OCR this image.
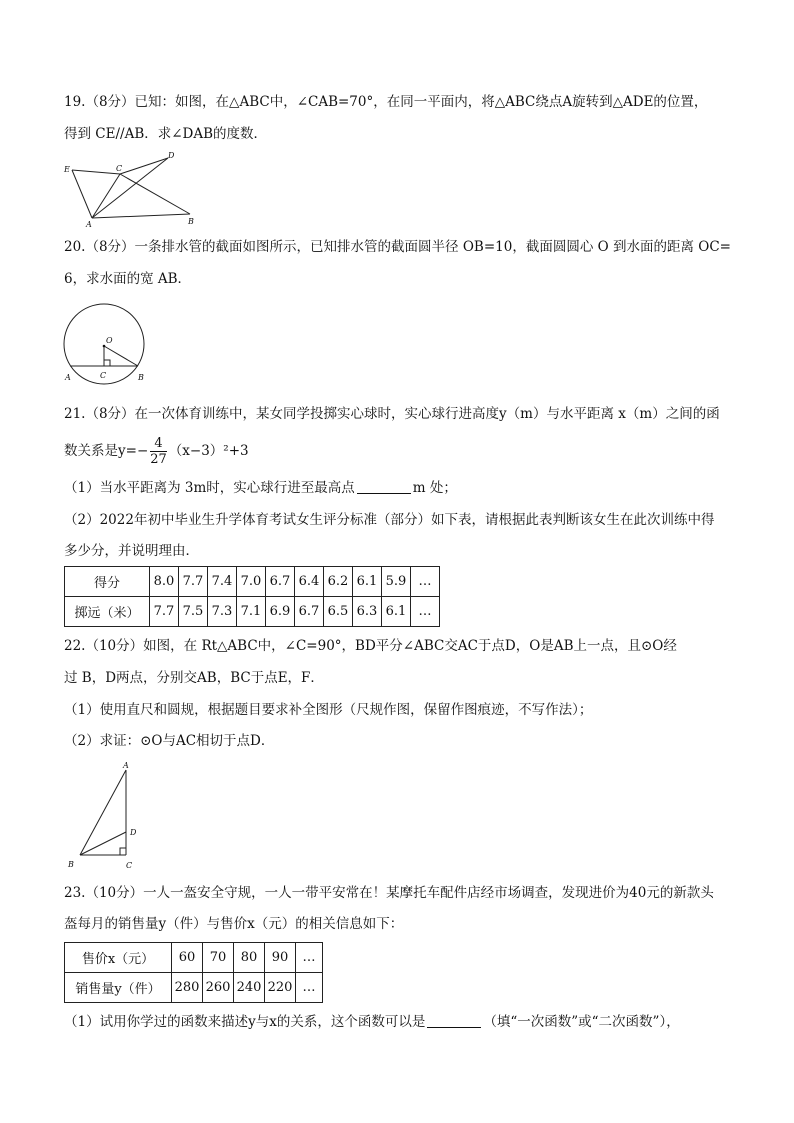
19.（8分）已知：如图，在△ABC中，∠CAB=70°，在同一平面内，将△ABC绕点A旋转到△ADE的位置，
得到 CE//AB．求∠DAB的度数．
E	C
D
A	B
20.（8分）一条排水管的截面如图所示，已知排水管的截面圆半径 OB=10，截面圆圆心 O 到水面的距离 OC=
6，求水面的宽 AB．
O
A	C	B
21.（8分）在一次体育训练中，某女同学投掷实心球时，实心球行进高度y（m）与水平距离 x（m）之间的函
数关系是$y=- \frac{4}{27} (x-3)^2+3$
（1）当水平距离为 3m时，实心球行进至最高点	m 处；
（2）2022年初中毕业生升学体育考试女生评分标准（部分）如下表，请根据此表判断该女生在此次训练中得
多少分，并说明理由．
得分	8.0	7.7	7.4	7.0	6.7	6.4	6.2	6.1	5.9	…
掷远（米）	7.7	7.5	7.3	7.1	6.9	6.7	6.5	6.3	6.1	…
22.（10分）如图，在 Rt△ABC中，∠C=90°，BD平分∠ABC交AC于点D，O是AB上一点，且⊙O经
过 B，D两点，分别交AB，BC于点E，F．
（1）使用直尺和圆规，根据题目要求补全图形（尺规作图，保留作图痕迹，不写作法）；
（2）求证：⊙O与AC相切于点D．
A
D
B	C
23.（10分）一人一盔安全守规，一人一带平安常在！某摩托车配件店经市场调查，发现进价为40元的新款头
盔每月的销售量y（件）与售价x（元）的相关信息如下：
售价x（元）	60	70	80	90	…
销售量y（件）	280	260	240	220	…
（1）试用你学过的函数来描述y与x的关系，这个函数可以是	（填“一次函数”或“二次函数”），
